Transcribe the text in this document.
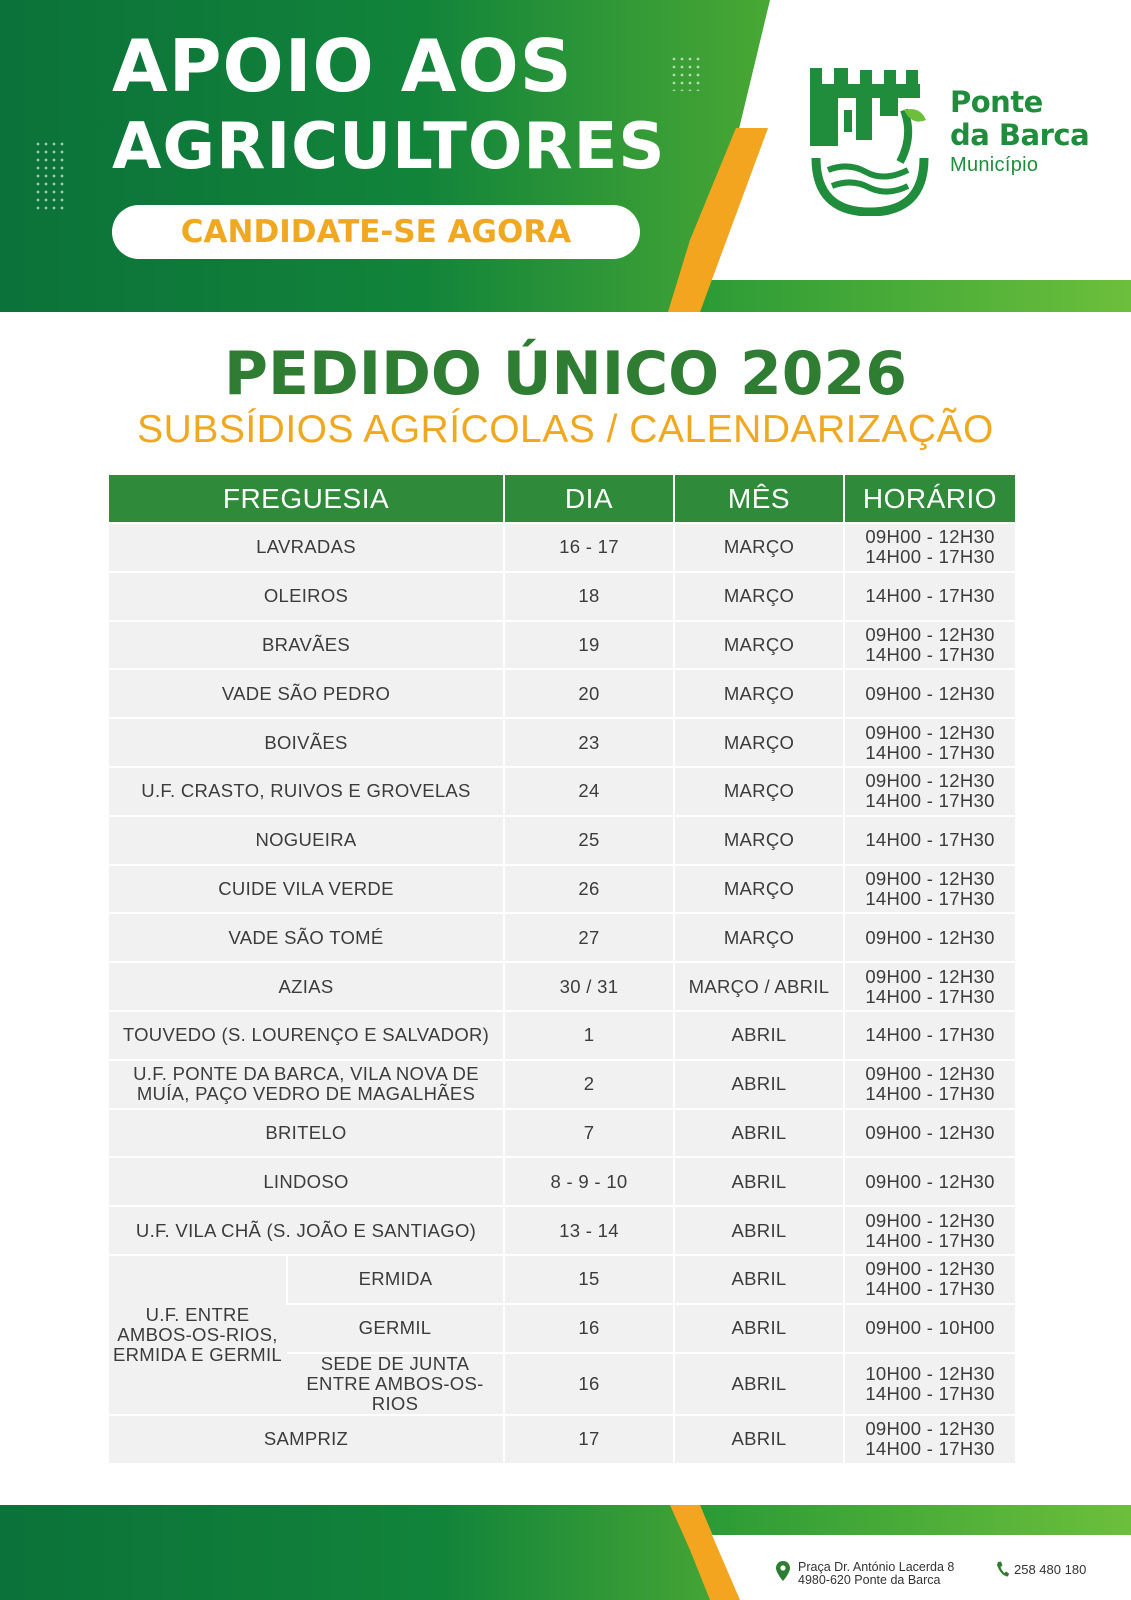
APOIO AOS
AGRICULTORES
CANDIDATE-SE AGORA
Ponte
da Barca
Município
PEDIDO ÚNICO 2026
SUBSÍDIOS AGRÍCOLAS / CALENDARIZAÇÃO
FREGUESIA		DIA	MÊS	HORÁRIO
LAVRADAS		16 - 17	MARÇO	09H00 - 12H30
14H00 - 17H30

OLEIROS		18	MARÇO	14H00 - 17H30

BRAVÃES		19	MARÇO	09H00 - 12H30
14H00 - 17H30

VADE SÃO PEDRO		20	MARÇO	09H00 - 12H30

BOIVÃES		23	MARÇO	09H00 - 12H30
14H00 - 17H30

U.F. CRASTO, RUIVOS E GROVELAS		24	MARÇO	09H00 - 12H30
14H00 - 17H30

NOGUEIRA		25	MARÇO	14H00 - 17H30

CUIDE VILA VERDE		26	MARÇO	09H00 - 12H30
14H00 - 17H30

VADE SÃO TOMÉ		27	MARÇO	09H00 - 12H30

AZIAS		30 / 31	MARÇO / ABRIL	09H00 - 12H30
14H00 - 17H30

TOUVEDO (S. LOURENÇO E SALVADOR)		1	ABRIL	14H00 - 17H30

U.F. PONTE DA BARCA, VILA NOVA DE MUÍA, PAÇO VEDRO DE MAGALHÃES		2	ABRIL	09H00 - 12H30
14H00 - 17H30

BRITELO		7	ABRIL	09H00 - 12H30

LINDOSO		8 - 9 - 10	ABRIL	09H00 - 12H30

U.F. VILA CHÃ (S. JOÃO E SANTIAGO)		13 - 14	ABRIL	09H00 - 12H30
14H00 - 17H30

U.F. ENTRE AMBOS-OS-RIOS, ERMIDA E GERMIL	ERMIDA	15	ABRIL	09H00 - 12H30
14H00 - 17H30

	GERMIL	16	ABRIL	09H00 - 10H00

	SEDE DE JUNTA ENTRE AMBOS-OS-RIOS	16	ABRIL	10H00 - 12H30
14H00 - 17H30

SAMPRIZ		17	ABRIL	09H00 - 12H30
14H00 - 17H30
Praça Dr. António Lacerda 8
4980-620 Ponte da Barca
258 480 180
